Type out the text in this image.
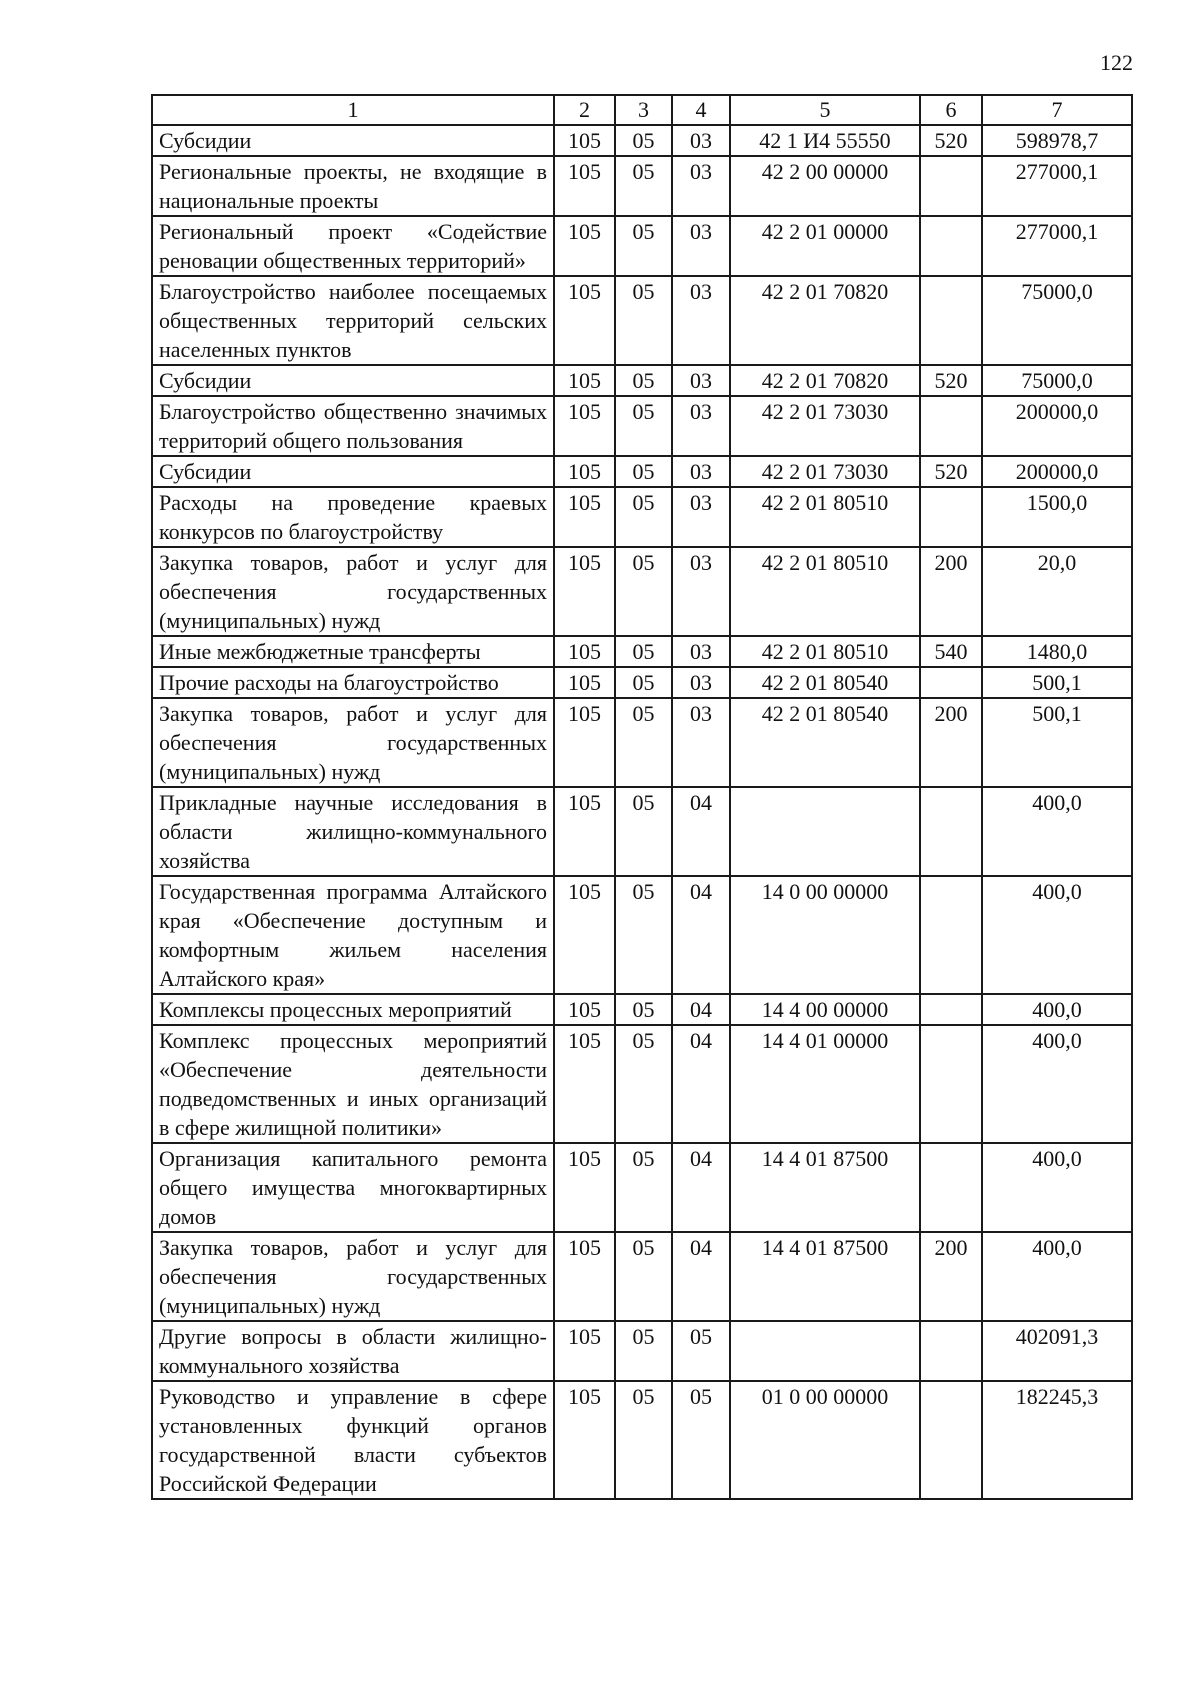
122
1	2	3	4	5	6	7
Субсидии	105	05	03	42 1 И4 55550	520	598978,7
Региональные проекты, не входящие в национальные проекты	105	05	03	42 2 00 00000		277000,1
Региональный проект «Содействие реновации общественных территорий»	105	05	03	42 2 01 00000		277000,1
Благоустройство наиболее посещаемых общественных территорий сельских населенных пунктов	105	05	03	42 2 01 70820		75000,0
Субсидии	105	05	03	42 2 01 70820	520	75000,0
Благоустройство общественно значимых территорий общего пользования	105	05	03	42 2 01 73030		200000,0
Субсидии	105	05	03	42 2 01 73030	520	200000,0
Расходы на проведение краевых конкурсов по благоустройству	105	05	03	42 2 01 80510		1500,0
Закупка товаров, работ и услуг для обеспечения государственных (муниципальных) нужд	105	05	03	42 2 01 80510	200	20,0
Иные межбюджетные трансферты	105	05	03	42 2 01 80510	540	1480,0
Прочие расходы на благоустройство	105	05	03	42 2 01 80540		500,1
Закупка товаров, работ и услуг для обеспечения государственных (муниципальных) нужд	105	05	03	42 2 01 80540	200	500,1
Прикладные научные исследования в области жилищно-коммунального хозяйства	105	05	04			400,0
Государственная программа Алтайского края «Обеспечение доступным и комфортным жильем населения Алтайского края»	105	05	04	14 0 00 00000		400,0
Комплексы процессных мероприятий	105	05	04	14 4 00 00000		400,0
Комплекс процессных мероприятий «Обеспечение деятельности подведомственных и иных организаций в сфере жилищной политики»	105	05	04	14 4 01 00000		400,0
Организация капитального ремонта общего имущества многоквартирных домов	105	05	04	14 4 01 87500		400,0
Закупка товаров, работ и услуг для обеспечения государственных (муниципальных) нужд	105	05	04	14 4 01 87500	200	400,0
Другие вопросы в области жилищно-коммунального хозяйства	105	05	05			402091,3
Руководство и управление в сфере установленных функций органов государственной власти субъектов Российской Федерации	105	05	05	01 0 00 00000		182245,3
